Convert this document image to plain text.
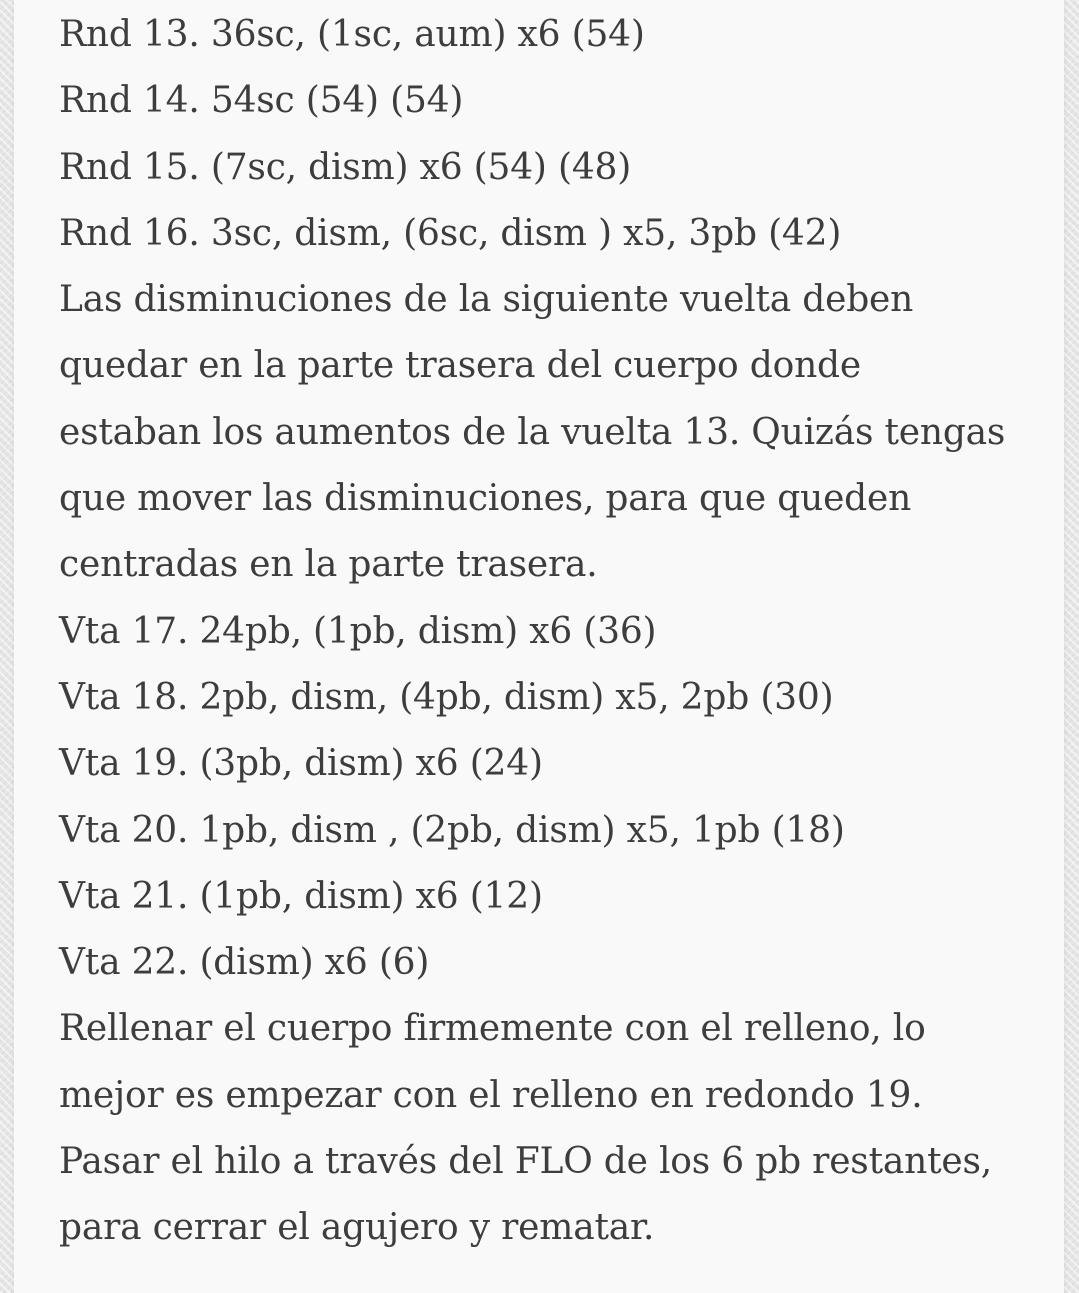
Rnd 13. 36sc, (1sc, aum) x6 (54)
Rnd 14. 54sc (54) (54)
Rnd 15. (7sc, dism) x6 (54) (48)
Rnd 16. 3sc, dism, (6sc, dism ) x5, 3pb (42)
Las disminuciones de la siguiente vuelta deben
quedar en la parte trasera del cuerpo donde
estaban los aumentos de la vuelta 13. Quizás tengas
que mover las disminuciones, para que queden
centradas en la parte trasera.
Vta 17. 24pb, (1pb, dism) x6 (36)
Vta 18. 2pb, dism, (4pb, dism) x5, 2pb (30)
Vta 19. (3pb, dism) x6 (24)
Vta 20. 1pb, dism , (2pb, dism) x5, 1pb (18)
Vta 21. (1pb, dism) x6 (12)
Vta 22. (dism) x6 (6)
Rellenar el cuerpo firmemente con el relleno, lo
mejor es empezar con el relleno en redondo 19.
Pasar el hilo a través del FLO de los 6 pb restantes,
para cerrar el agujero y rematar.
